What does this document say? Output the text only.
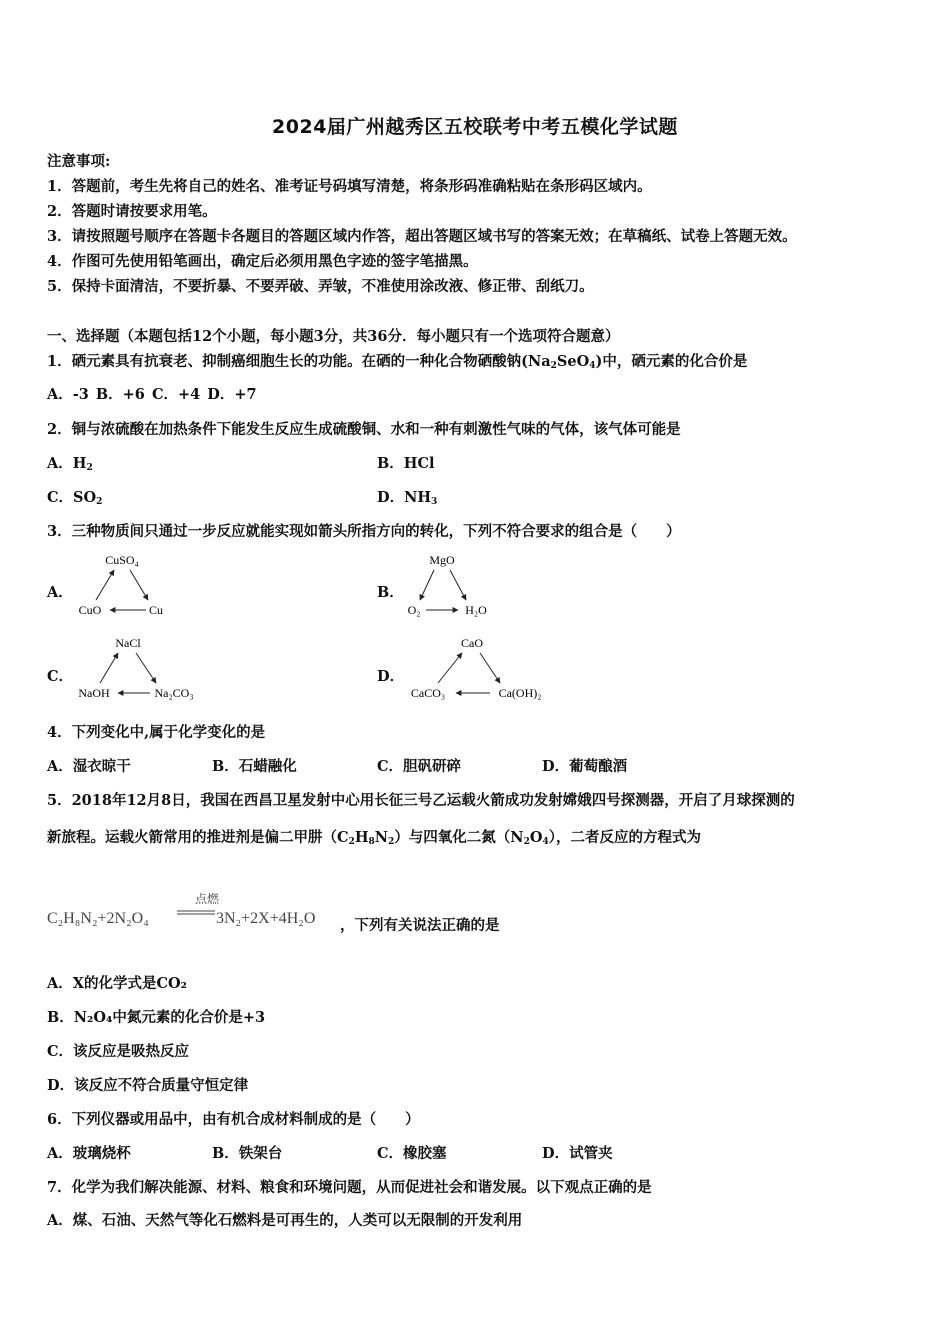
2024届广州越秀区五校联考中考五模化学试题
注意事项:
1．答题前，考生先将自己的姓名、准考证号码填写清楚，将条形码准确粘贴在条形码区域内。
2．答题时请按要求用笔。
3．请按照题号顺序在答题卡各题目的答题区域内作答，超出答题区域书写的答案无效；在草稿纸、试卷上答题无效。
4．作图可先使用铅笔画出，确定后必须用黑色字迹的签字笔描黑。
5．保持卡面清洁，不要折暴、不要弄破、弄皱，不准使用涂改液、修正带、刮纸刀。
一、选择题（本题包括12个小题，每小题3分，共36分．每小题只有一个选项符合题意）
1．硒元素具有抗衰老、抑制癌细胞生长的功能。在硒的一种化合物硒酸钠$(Na_2SeO_4)$中，硒元素的化合价是
A．-3 B．+6 C．+4 D．+7
2．铜与浓硫酸在加热条件下能发生反应生成硫酸铜、水和一种有刺激性气味的气体，该气体可能是
A．$H_2$	B．HCl
C．$SO_2$	D．$NH_3$
3．三种物质间只通过一步反应就能实现如箭头所指方向的转化，下列不符合要求的组合是（　　）
A．
CuSO₄
CuO	Cu
B．
MgO
O₂	H₂O
C．
NaCl
NaOH	Na₂CO₃
D．
CaO
CaCO₃	Ca(OH)₂
4．下列变化中,属于化学变化的是
A．湿衣晾干	B．石蜡融化	C．胆矾研碎	D．葡萄酿酒
5．2018年12月8日，我国在西昌卫星发射中心用长征三号乙运载火箭成功发射嫦娥四号探测器，开启了月球探测的
新旅程。运载火箭常用的推进剂是偏二甲肼$(C_2H_8N_2)$与四氧化二氮$(N_2O_4)$，二者反应的方程式为
C₂H₈N₂+2N₂O₄
点燃
3N₂+2X+4H₂O ，下列有关说法正确的是
A．X的化学式是CO₂
B．N₂O₄中氮元素的化合价是+3
C．该反应是吸热反应
D．该反应不符合质量守恒定律
6．下列仪器或用品中，由有机合成材料制成的是（　　）
A．玻璃烧杯	B．铁架台	C．橡胶塞	D．试管夹
7．化学为我们解决能源、材料、粮食和环境问题，从而促进社会和谐发展。以下观点正确的是
A．煤、石油、天然气等化石燃料是可再生的，人类可以无限制的开发利用
